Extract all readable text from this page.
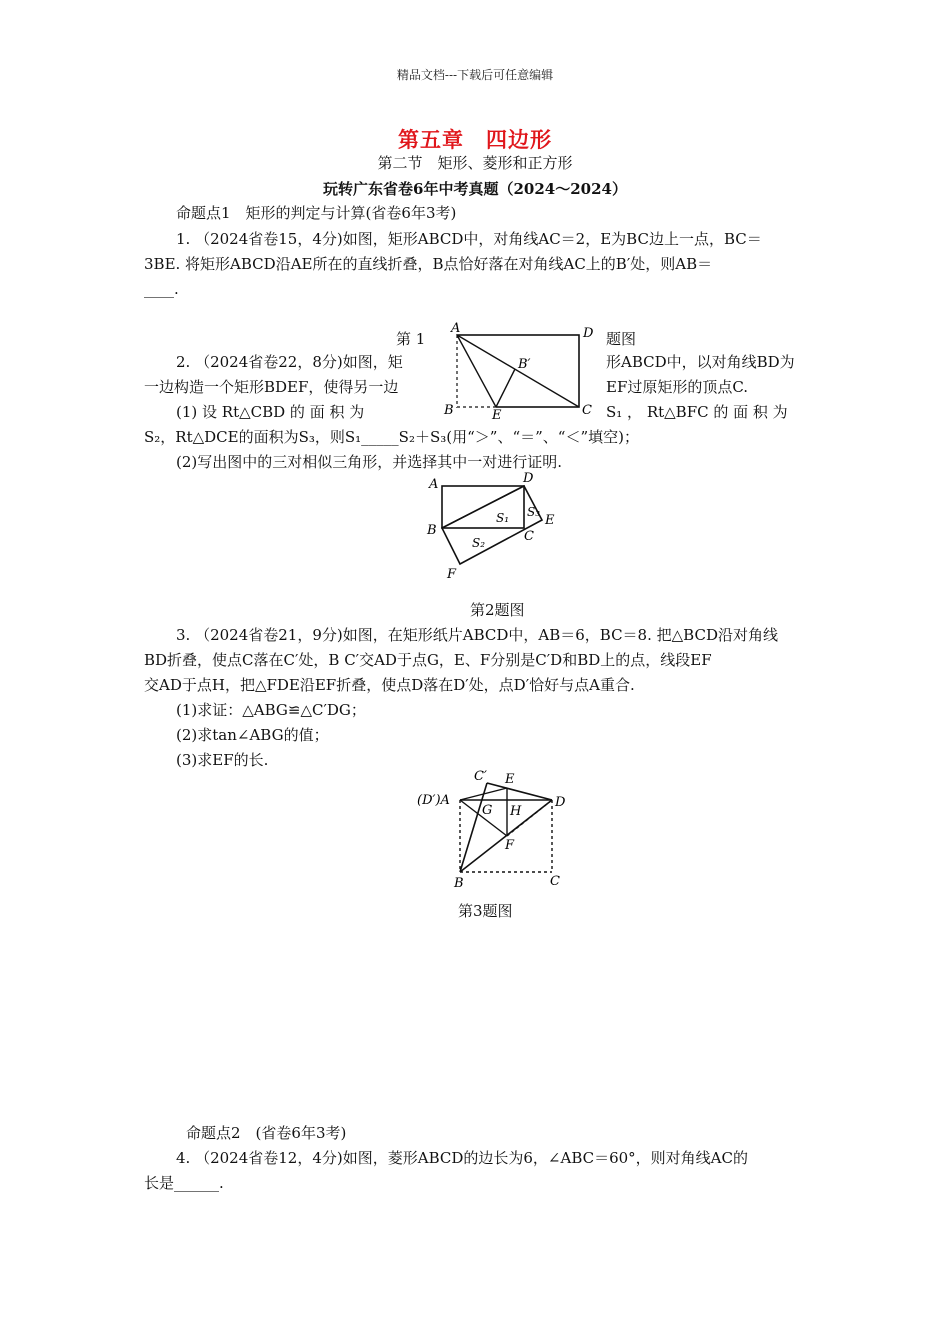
精品文档---下载后可任意编辑
第五章　四边形
第二节　矩形、菱形和正方形
玩转广东省卷6年中考真题（2024～2024）
命题点1　矩形的判定与计算(省卷6年3考)
1. （2024省卷15，4分)如图，矩形ABCD中，对角线AC＝2，E为BC边上一点，BC＝
3BE. 将矩形ABCD沿AE所在的直线折叠，B点恰好落在对角线AC上的B′处，则AB＝
____.
A	D
B	C
E
B′
第 1	题图
2. （2024省卷22，8分)如图，矩	形ABCD中，以对角线BD为
一边构造一个矩形BDEF，使得另一边	EF过原矩形的顶点C.
(1) 设 Rt△CBD 的 面 积 为	S₁ ， Rt△BFC 的 面 积 为
S₂，Rt△DCE的面积为S₃，则S₁_____S₂＋S₃(用“＞”、“＝”、“＜”填空)；
(2)写出图中的三对相似三角形，并选择其中一对进行证明.
A	D
B	C
E
F
S₁
S₂
S₃
第2题图
3. （2024省卷21，9分)如图，在矩形纸片ABCD中，AB＝6，BC＝8. 把△BCD沿对角线
BD折叠，使点C落在C′处，B C′交AD于点G，E、F分别是C′D和BD上的点，线段EF
交AD于点H，把△FDE沿EF折叠，使点D落在D′处，点D′恰好与点A重合.
(1)求证：△ABG≌△C′DG；
(2)求tan∠ABG的值；
(3)求EF的长.
(D′)A
C′ E
G H
D
F
B	C
第3题图
命题点2　(省卷6年3考)
4. （2024省卷12，4分)如图，菱形ABCD的边长为6，∠ABC＝60°，则对角线AC的
长是______.
